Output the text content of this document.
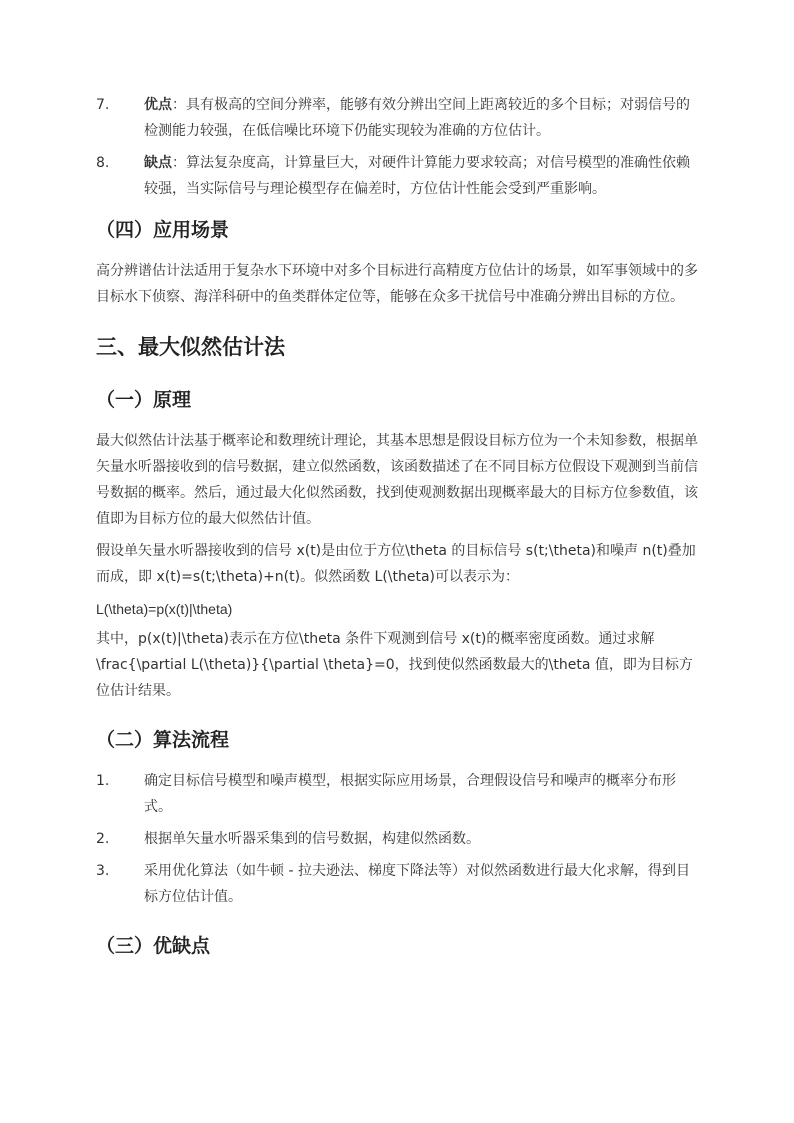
7. 优点：具有极高的空间分辨率，能够有效分辨出空间上距离较近的多个目标；对弱信号的检测能力较强，在低信噪比环境下仍能实现较为准确的方位估计。
8. 缺点：算法复杂度高，计算量巨大，对硬件计算能力要求较高；对信号模型的准确性依赖较强，当实际信号与理论模型存在偏差时，方位估计性能会受到严重影响。
（四）应用场景

高分辨谱估计法适用于复杂水下环境中对多个目标进行高精度方位估计的场景，如军事领域中的多目标水下侦察、海洋科研中的鱼类群体定位等，能够在众多干扰信号中准确分辨出目标的方位。

三、最大似然估计法
（一）原理

最大似然估计法基于概率论和数理统计理论，其基本思想是假设目标方位为一个未知参数，根据单矢量水听器接收到的信号数据，建立似然函数，该函数描述了在不同目标方位假设下观测到当前信号数据的概率。然后，通过最大化似然函数，找到使观测数据出现概率最大的目标方位参数值，该值即为目标方位的最大似然估计值。

假设单矢量水听器接收到的信号 x(t)是由位于方位\theta 的目标信号 s(t;\theta)和噪声 n(t)叠加而成，即 x(t)=s(t;\theta)+n(t)。似然函数 L(\theta)可以表示为：

L(\theta)=p(x(t)|\theta)

其中，p(x(t)|\theta)表示在方位\theta 条件下观测到信号 x(t)的概率密度函数。通过求解\frac{\partial L(\theta)}{\partial \theta}=0，找到使似然函数最大的\theta 值，即为目标方位估计结果。

（二）算法流程
1. 确定目标信号模型和噪声模型，根据实际应用场景，合理假设信号和噪声的概率分布形式。
2. 根据单矢量水听器采集到的信号数据，构建似然函数。
3. 采用优化算法（如牛顿 - 拉夫逊法、梯度下降法等）对似然函数进行最大化求解，得到目标方位估计值。
（三）优缺点
